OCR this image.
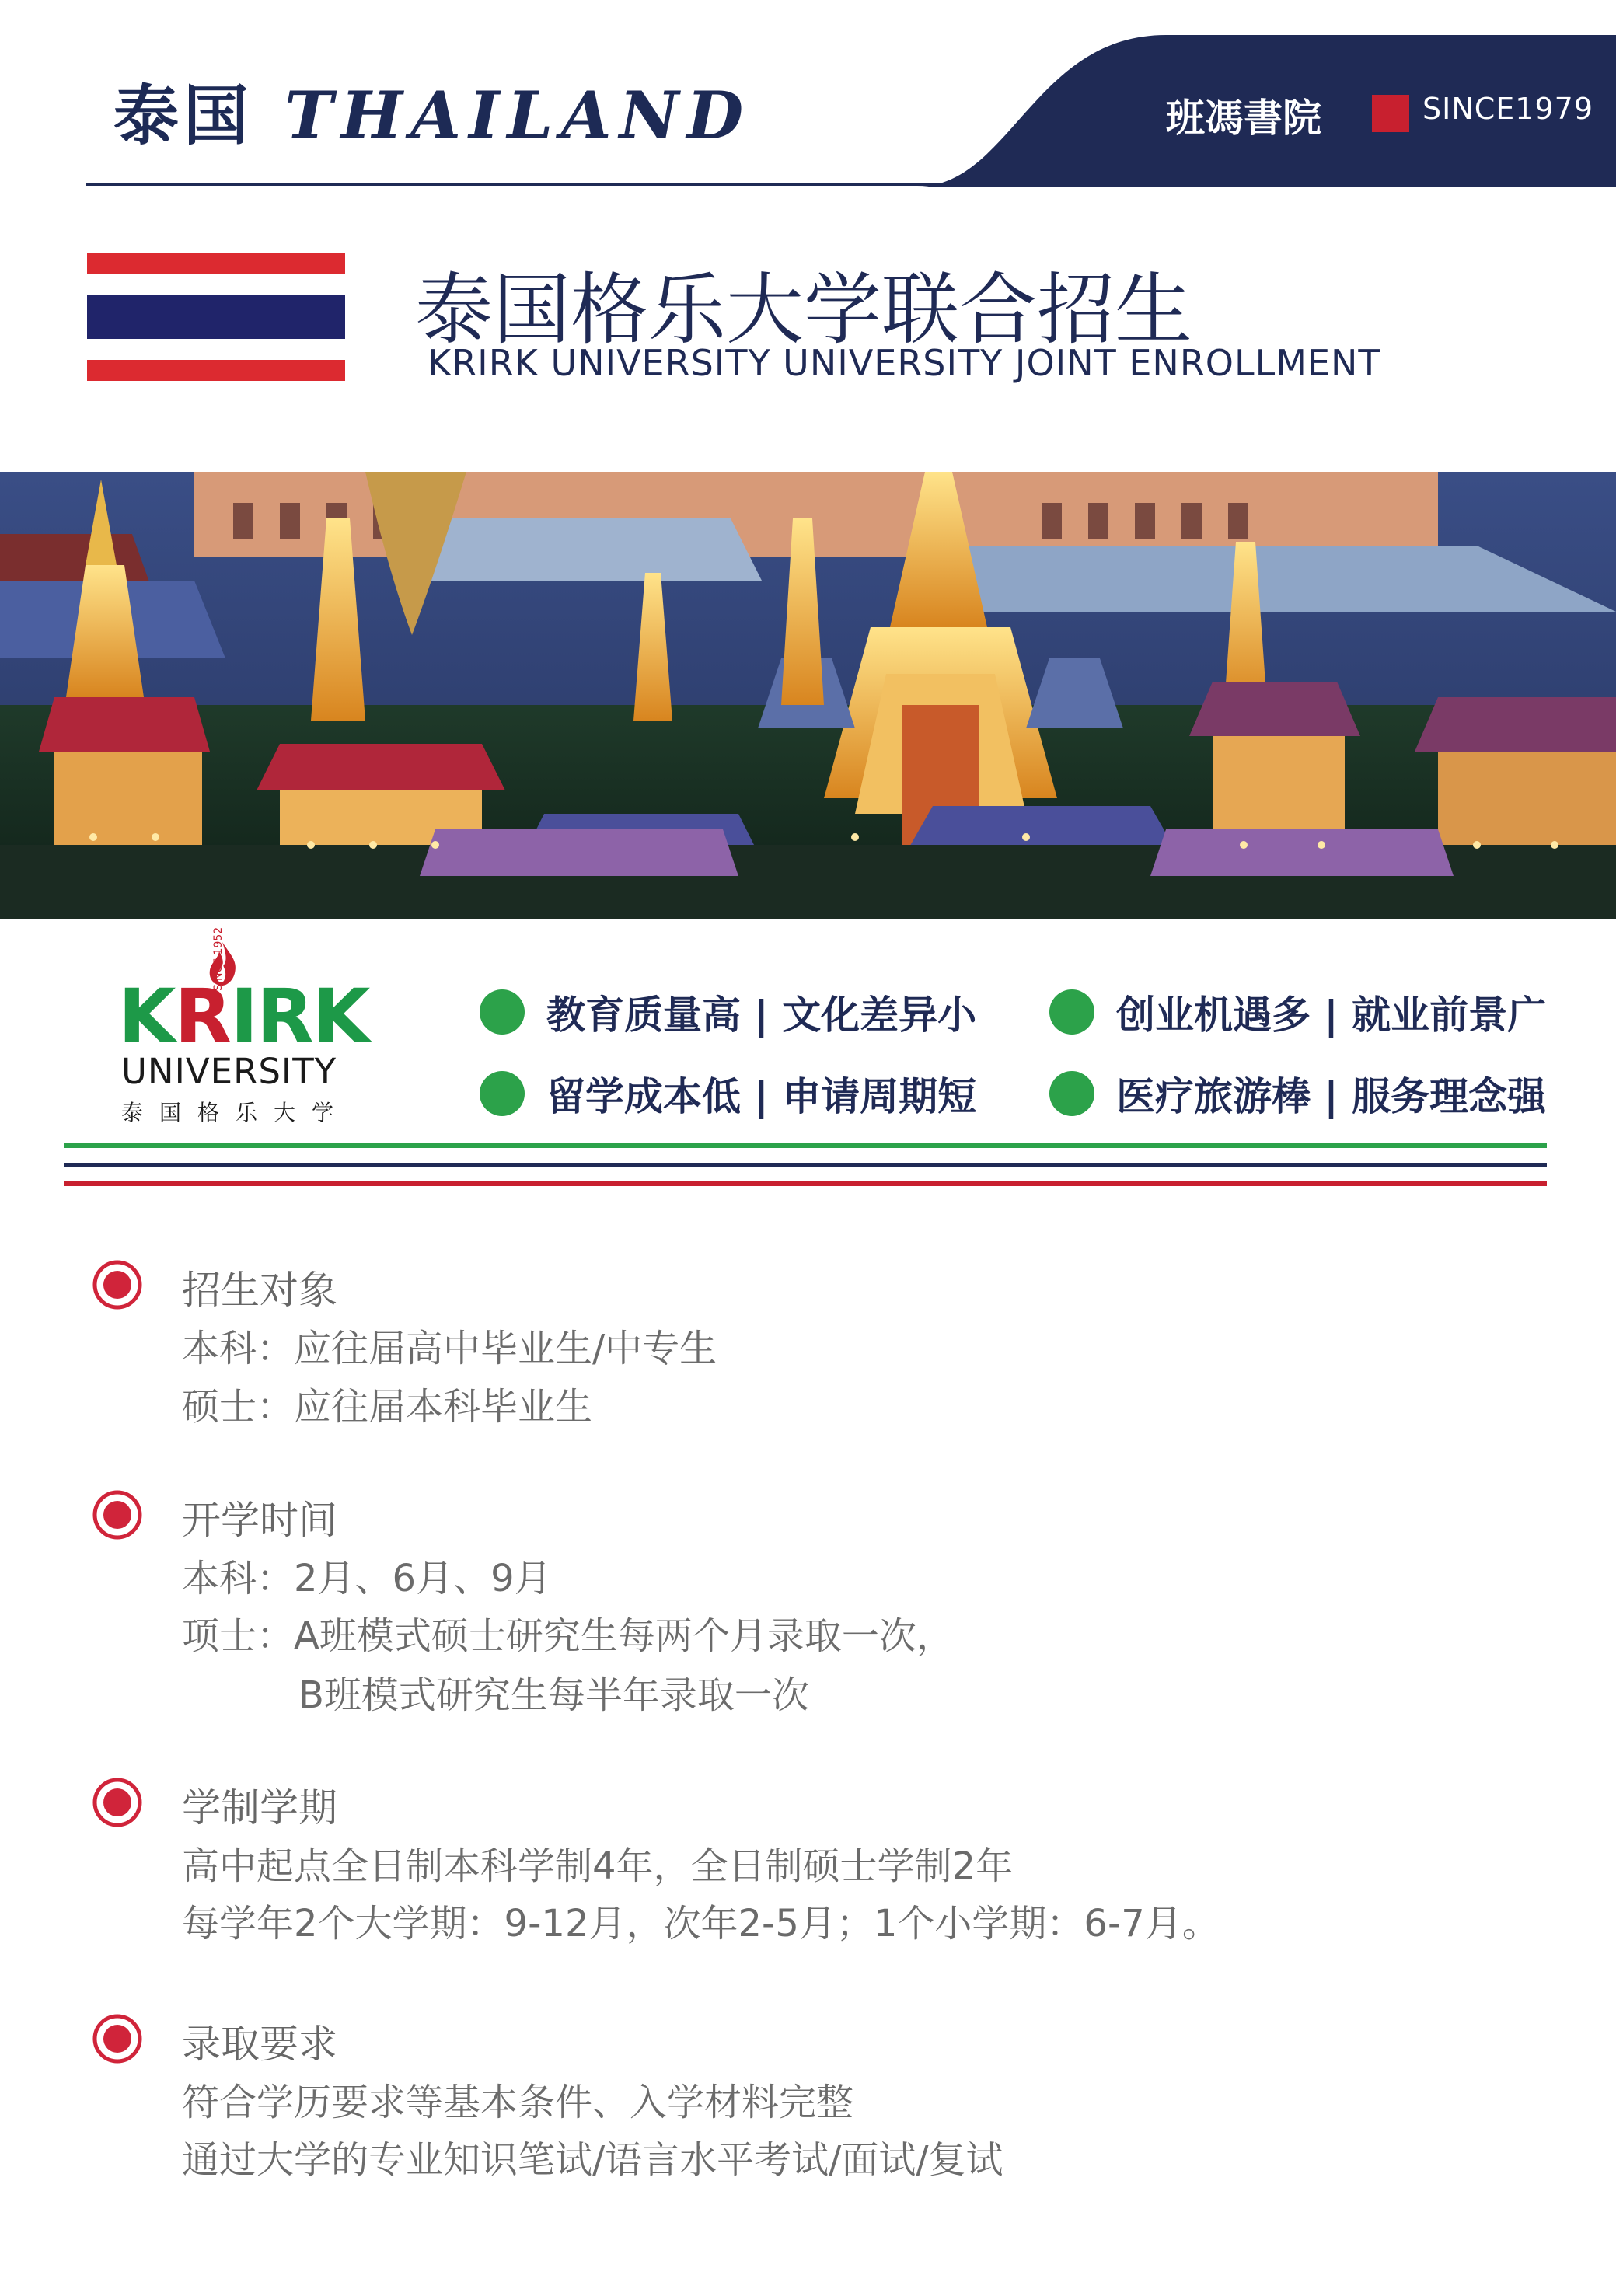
泰国 THAILAND	班馮書院	SINCE1979
泰国格乐大学联合招生
KRIRK UNIVERSITY UNIVERSITY JOINT ENROLLMENT
KRIRK
SINCE 1952
UNIVERSITY
泰国格乐大学
教育质量高 | 文化差异小	创业机遇多 | 就业前景广
留学成本低 | 申请周期短	医疗旅游棒 | 服务理念强
招生对象
本科：应往届高中毕业生/中专生
硕士：应往届本科毕业生
开学时间
本科：2月、6月、9月
项士：A班模式硕士研究生每两个月录取一次，
B班模式研究生每半年录取一次
学制学期
高中起点全日制本科学制4年，全日制硕士学制2年
每学年2个大学期：9-12月，次年2-5月；1个小学期：6-7月。
录取要求
符合学历要求等基本条件、入学材料完整
通过大学的专业知识笔试/语言水平考试/面试/复试
